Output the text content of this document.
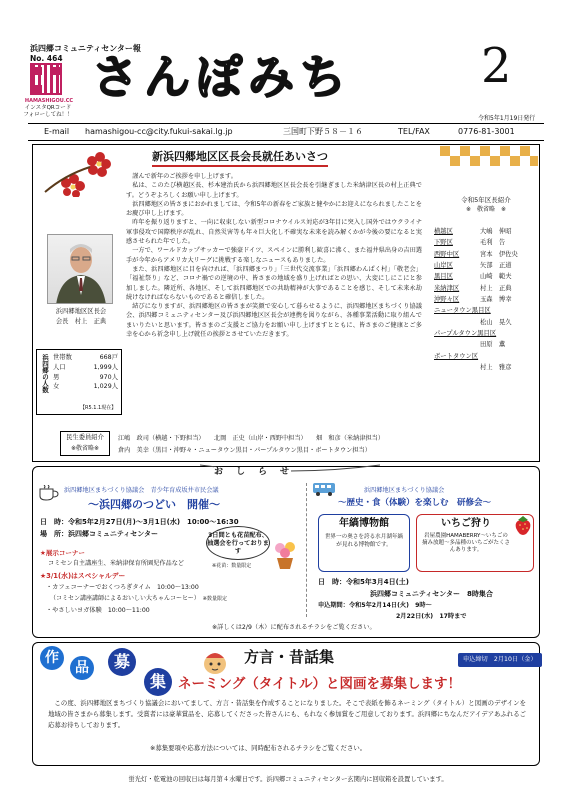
浜四郷コミュニティセンター報
No. 464
HAMASHIGOU.CC
インスタQRコード
フォローしてね！！
さんぽみち	2
令和5年1月19日発行
E-mail hamashigou-cc@city.fukui-sakai.lg.jp	三国町下野５８－１６	TEL/FAX	0776-81-3001
新浜四郷地区区長会長就任あいさつ

謹んで新年のご挨拶を申し上げます。

私は、このたび横越区長、杉本建治氏から浜四郷地区区長会長を引継ぎました米納津区長の村上正典です。どうぞよろしくお願い申し上げます。

浜四郷地区の皆さまにおかれましては、令和5年の新春をご家族と健やかにお迎えになられましたことをお慶び申し上げます。

昨年を振り返りますと、一向に収束しない新型コロナウイルス対応が3年目に突入し国外ではウクライナ軍事侵攻で国際秩序が乱れ、自然災害等も年々巨大化し不確実な未来を読み解くかが今後の要になると実感させられた年でした。

一方で、ワールドカップサッカーで強豪ドイツ、スペインに勝利し歓喜に沸く、また福井県出身の吉田選手が今年からアメリカ大リーグに挑戦する楽しなニュースもありました。

また、浜四郷地区に目を向ければ、「浜四郷まつり」「三世代交流事業」「浜四郷わんぱく村」「敬老会」「福祉祭り」など、コロナ禍での逆境の中、皆さまの地域を盛り上げればとの思い、大変にしにこにと参加しました。隣近所、各地区、そして浜四郷地区での共助精神が大事であることを感じ、そして未来永劫続けなければならないものであると確信しました。

結びになりますが、浜四郷地区の皆さまが笑顔で安心して暮らせるように、浜四郷地区まちづくり協議会、浜四郷コミュニティセンター及び浜四郷地区区長会が連携を図りながら、各種事業活動に取り組んでまいりたいと思います。皆さまのご支援とご協力をお願い申し上げますとともに、皆さまのご健康とご多幸を心から祈念申し上げ就任の挨拶とさせていただきます。

浜四郷地区区長会
会長　村上　正典
浜四郷の人数 世帯数	668戸
人口	1,999人
男	970人
女	1,029人
【R5.1.1現在】
令和5年区長紹介
※　敬省略　※
横越区	大嶋　伸昭
下野区	毛利　告
西野中区	宮本　伊佐央
山岸区	矢部　正道
黒目区	山崎　範夫
米納津区	村上　正典
沖野々区	玉森　博幸
ニュータウン黒目区
松山　晃久
パープルタウン黒目区
田原　薫
ボートタウン区
村上　雅彦
民生委員紹介
※敬省略※
江嶋　政司（横越・下野担当）　　北岡　正史（山岸・西野中担当）　　畑　和彦（米納津担当）
倉内　美幸（黒目・沖野々・ニュータウン黒目・パープルタウン黒目・ボートタウン担当）
お　し　ら　せ
浜四郷地区まちづくり協議会　青少年育成坂井市民会議
～浜四郷のつどい　開催～
日　時：令和5年2月27日(月)～3月1日(水)　10:00～16:30
場　所：浜四郷コミュニティセンター	3日間とも花苗配布、抽選会を行っております
※花苗：数量限定
★展示コーナー
コミセン自主講座生、米納津保育所園児作品など
★3/1(水)はスペシャルデー
・カフェコーナーでおくつろぎタイム　10:00～13:00
（コミセン講座講師によるおいしい大ちゃんコーヒー）　 ※数量限定
・やさしいヨガ体験　10:00～11:00
※詳しくは2/9（木）に配布されるチラシをご覧ください。
浜四郷地区まちづくり協議会
～歴史・食（体験）を楽しむ　研修会～
年縞博物館
世界一の奥さを誇る水月湖年縞が見れる博物館です。
いちご狩り
岩屋農園HAMABERRY～いちごの摘み放題～多品種のいちごがたくさんあります。
日　時：令和5年3月4日(土)
浜四郷コミュニティセンター　8時集合
申込期間：令和5年2月14日(火)　9時～
2月22日(水)　17時まで
作
品	募
集
方言・昔話集	申込締切　2月10日（金）
ネーミング（タイトル）と図画を募集します！
この度、浜四郷地区まちづくり協議会においてまして、方言・昔話集を作成することになりました。そこで表紙を飾るネーミング（タイトル）と図画のデザインを地域の皆さまから募集します。受賞者には豪華賞品を、応募してくださった皆さんにも、もれなく参加賞をご用意しております。浜四郷にちなんだアイデアあふれるご応募お待ちしております。
※募集要項や応募方法については、同時配布されるチラシをご覧ください。
蛍光灯・乾電池の回収日は毎月第４水曜日です。浜四郷コミュニティセンター玄関内に回収箱を設置しています。
